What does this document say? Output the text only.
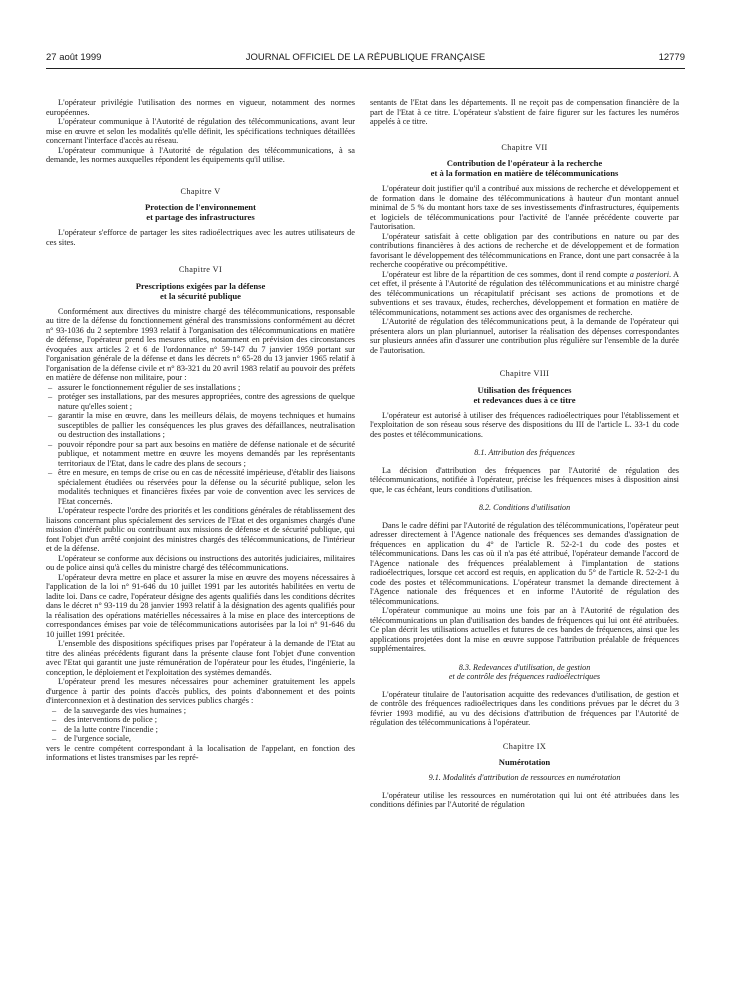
27 août 1999	JOURNAL OFFICIEL DE LA RÉPUBLIQUE FRANÇAISE	12779

L'opérateur privilégie l'utilisation des normes en vigueur, notamment des normes européennes.

L'opérateur communique à l'Autorité de régulation des télécommunications, avant leur mise en œuvre et selon les modalités qu'elle définit, les spécifications techniques détaillées concernant l'interface d'accès au réseau.

L'opérateur communique à l'Autorité de régulation des télécommunications, à sa demande, les normes auxquelles répondent les équipements qu'il utilise.

Chapitre V
Protection de l'environnement
et partage des infrastructures

L'opérateur s'efforce de partager les sites radioélectriques avec les autres utilisateurs de ces sites.

Chapitre VI
Prescriptions exigées par la défense
et la sécurité publique

Conformément aux directives du ministre chargé des télécommunications, responsable au titre de la défense du fonctionnement général des transmissions conformément au décret n° 93-1036 du 2 septembre 1993 relatif à l'organisation des télécommunications en matière de défense, l'opérateur prend les mesures utiles, notamment en prévision des circonstances évoquées aux articles 2 et 6 de l'ordonnance n° 59-147 du 7 janvier 1959 portant sur l'organisation générale de la défense et dans les décrets n° 65-28 du 13 janvier 1965 relatif à l'organisation de la défense civile et n° 83-321 du 20 avril 1983 relatif au pouvoir des préfets en matière de défense non militaire, pour :

– assurer le fonctionnement régulier de ses installations ;
– protéger ses installations, par des mesures appropriées, contre des agressions de quelque nature qu'elles soient ;
– garantir la mise en œuvre, dans les meilleurs délais, de moyens techniques et humains susceptibles de pallier les conséquences les plus graves des défaillances, neutralisation ou destruction des installations ;
– pouvoir répondre pour sa part aux besoins en matière de défense nationale et de sécurité publique, et notamment mettre en œuvre les moyens demandés par les représentants territoriaux de l'Etat, dans le cadre des plans de secours ;
– être en mesure, en temps de crise ou en cas de nécessité impérieuse, d'établir des liaisons spécialement étudiées ou réservées pour la défense ou la sécurité publique, selon les modalités techniques et financières fixées par voie de convention avec les services de l'Etat concernés.

L'opérateur respecte l'ordre des priorités et les conditions générales de rétablissement des liaisons concernant plus spécialement des services de l'Etat et des organismes chargés d'une mission d'intérêt public ou contribuant aux missions de défense et de sécurité publique, qui font l'objet d'un arrêté conjoint des ministres chargés des télécommunications, de l'intérieur et de la défense.

L'opérateur se conforme aux décisions ou instructions des autorités judiciaires, militaires ou de police ainsi qu'à celles du ministre chargé des télécommunications.

L'opérateur devra mettre en place et assurer la mise en œuvre des moyens nécessaires à l'application de la loi n° 91-646 du 10 juillet 1991 par les autorités habilitées en vertu de ladite loi. Dans ce cadre, l'opérateur désigne des agents qualifiés dans les conditions décrites dans le décret n° 93-119 du 28 janvier 1993 relatif à la désignation des agents qualifiés pour la réalisation des opérations matérielles nécessaires à la mise en place des interceptions de correspondances émises par voie de télécommunications autorisées par la loi n° 91-646 du 10 juillet 1991 précitée.

L'ensemble des dispositions spécifiques prises par l'opérateur à la demande de l'Etat au titre des alinéas précédents figurant dans la présente clause font l'objet d'une convention avec l'Etat qui garantit une juste rémunération de l'opérateur pour les études, l'ingénierie, la conception, le déploiement et l'exploitation des systèmes demandés.

L'opérateur prend les mesures nécessaires pour acheminer gratuitement les appels d'urgence à partir des points d'accès publics, des points d'abonnement et des points d'interconnexion et à destination des services publics chargés :

– de la sauvegarde des vies humaines ;
– des interventions de police ;
– de la lutte contre l'incendie ;
– de l'urgence sociale,

vers le centre compétent correspondant à la localisation de l'appelant, en fonction des informations et listes transmises par les repré-

sentants de l'Etat dans les départements. Il ne reçoit pas de compensation financière de la part de l'Etat à ce titre. L'opérateur s'abstient de faire figurer sur les factures les numéros appelés à ce titre.

Chapitre VII
Contribution de l'opérateur à la recherche
et à la formation en matière de télécommunications

L'opérateur doit justifier qu'il a contribué aux missions de recherche et développement et de formation dans le domaine des télécommunications à hauteur d'un montant annuel minimal de 5 % du montant hors taxe de ses investissements d'infrastructures, équipements et logiciels de télécommunications pour l'activité de l'année précédente couverte par l'autorisation.

L'opérateur satisfait à cette obligation par des contributions en nature ou par des contributions financières à des actions de recherche et de développement et de formation favorisant le développement des télécommunications en France, dont une part consacrée à la recherche coopérative ou précompétitive.

L'opérateur est libre de la répartition de ces sommes, dont il rend compte a posteriori. A cet effet, il présente à l'Autorité de régulation des télécommunications et au ministre chargé des télécommunications un récapitulatif précisant ses actions de promotions et de subventions et ses travaux, études, recherches, développement et formation en matière de télécommunications, notamment ses actions avec des organismes de recherche.

L'Autorité de régulation des télécommunications peut, à la demande de l'opérateur qui présentera alors un plan pluriannuel, autoriser la réalisation des dépenses correspondantes sur plusieurs années afin d'assurer une contribution plus régulière sur l'ensemble de la durée de l'autorisation.

Chapitre VIII
Utilisation des fréquences
et redevances dues à ce titre

L'opérateur est autorisé à utiliser des fréquences radioélectriques pour l'établissement et l'exploitation de son réseau sous réserve des dispositions du III de l'article L. 33-1 du code des postes et télécommunications.

8.1. Attribution des fréquences

La décision d'attribution des fréquences par l'Autorité de régulation des télécommunications, notifiée à l'opérateur, précise les fréquences mises à disposition ainsi que, le cas échéant, leurs conditions d'utilisation.

8.2. Conditions d'utilisation

Dans le cadre défini par l'Autorité de régulation des télécommunications, l'opérateur peut adresser directement à l'Agence nationale des fréquences ses demandes d'assignation de fréquences en application du 4° de l'article R. 52-2-1 du code des postes et télécommunications. Dans les cas où il n'a pas été attribué, l'opérateur demande l'accord de l'Agence nationale des fréquences préalablement à l'implantation de stations radioélectriques, lorsque cet accord est requis, en application du 5° de l'article R. 52-2-1 du code des postes et télécommunications. L'opérateur transmet la demande directement à l'Agence nationale des fréquences et en informe l'Autorité de régulation des télécommunications.

L'opérateur communique au moins une fois par an à l'Autorité de régulation des télécommunications un plan d'utilisation des bandes de fréquences qui lui ont été attribuées. Ce plan décrit les utilisations actuelles et futures de ces bandes de fréquences, ainsi que les applications projetées dont la mise en œuvre suppose l'attribution préalable de fréquences supplémentaires.

8.3. Redevances d'utilisation, de gestion
et de contrôle des fréquences radioélectriques

L'opérateur titulaire de l'autorisation acquitte des redevances d'utilisation, de gestion et de contrôle des fréquences radioélectriques dans les conditions prévues par le décret du 3 février 1993 modifié, au vu des décisions d'attribution de fréquences par l'Autorité de régulation des télécommunications à l'opérateur.

Chapitre IX
Numérotation
9.1. Modalités d'attribution de ressources en numérotation

L'opérateur utilise les ressources en numérotation qui lui ont été attribuées dans les conditions définies par l'Autorité de régulation
